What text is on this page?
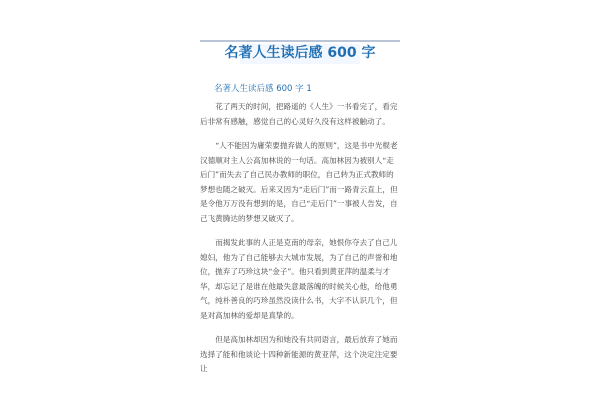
名著人生读后感 600 字
名著人生读后感 600 字 1

花了两天的时间，把路遥的《人生》一书看完了，看完后非常有感触，感觉自己的心灵好久没有这样被触动了。

“人不能因为庸荣要抛弃做人的原则”，这是书中光棍老汉德顺对主人公高加林说的一句话。高加林因为被别人“走后门”而失去了自己民办教师的职位，自己转为正式教师的梦想也随之破灭。后来又因为“走后门”而一路青云直上，但是令他万万没有想到的是，自己“走后门”一事被人告发，自己飞黄腾达的梦想又破灭了。

而揭发此事的人正是克南的母亲，她恨你夺去了自己儿媳妇，他为了自己能够去大城市发展，为了自己的声誉和地位，抛弃了巧珍这块“金子”。他只看到黄亚萍的温柔与才华，却忘记了是谁在他最失意最落魄的时候关心他，给他勇气，纯朴善良的巧珍虽然没读什么书，大字不认识几个，但是对高加林的爱却是真挚的。

但是高加林却因为和她没有共同语言，最后放弃了她而选择了能和他谈论十四种新能源的黄亚萍，这个决定注定要让
